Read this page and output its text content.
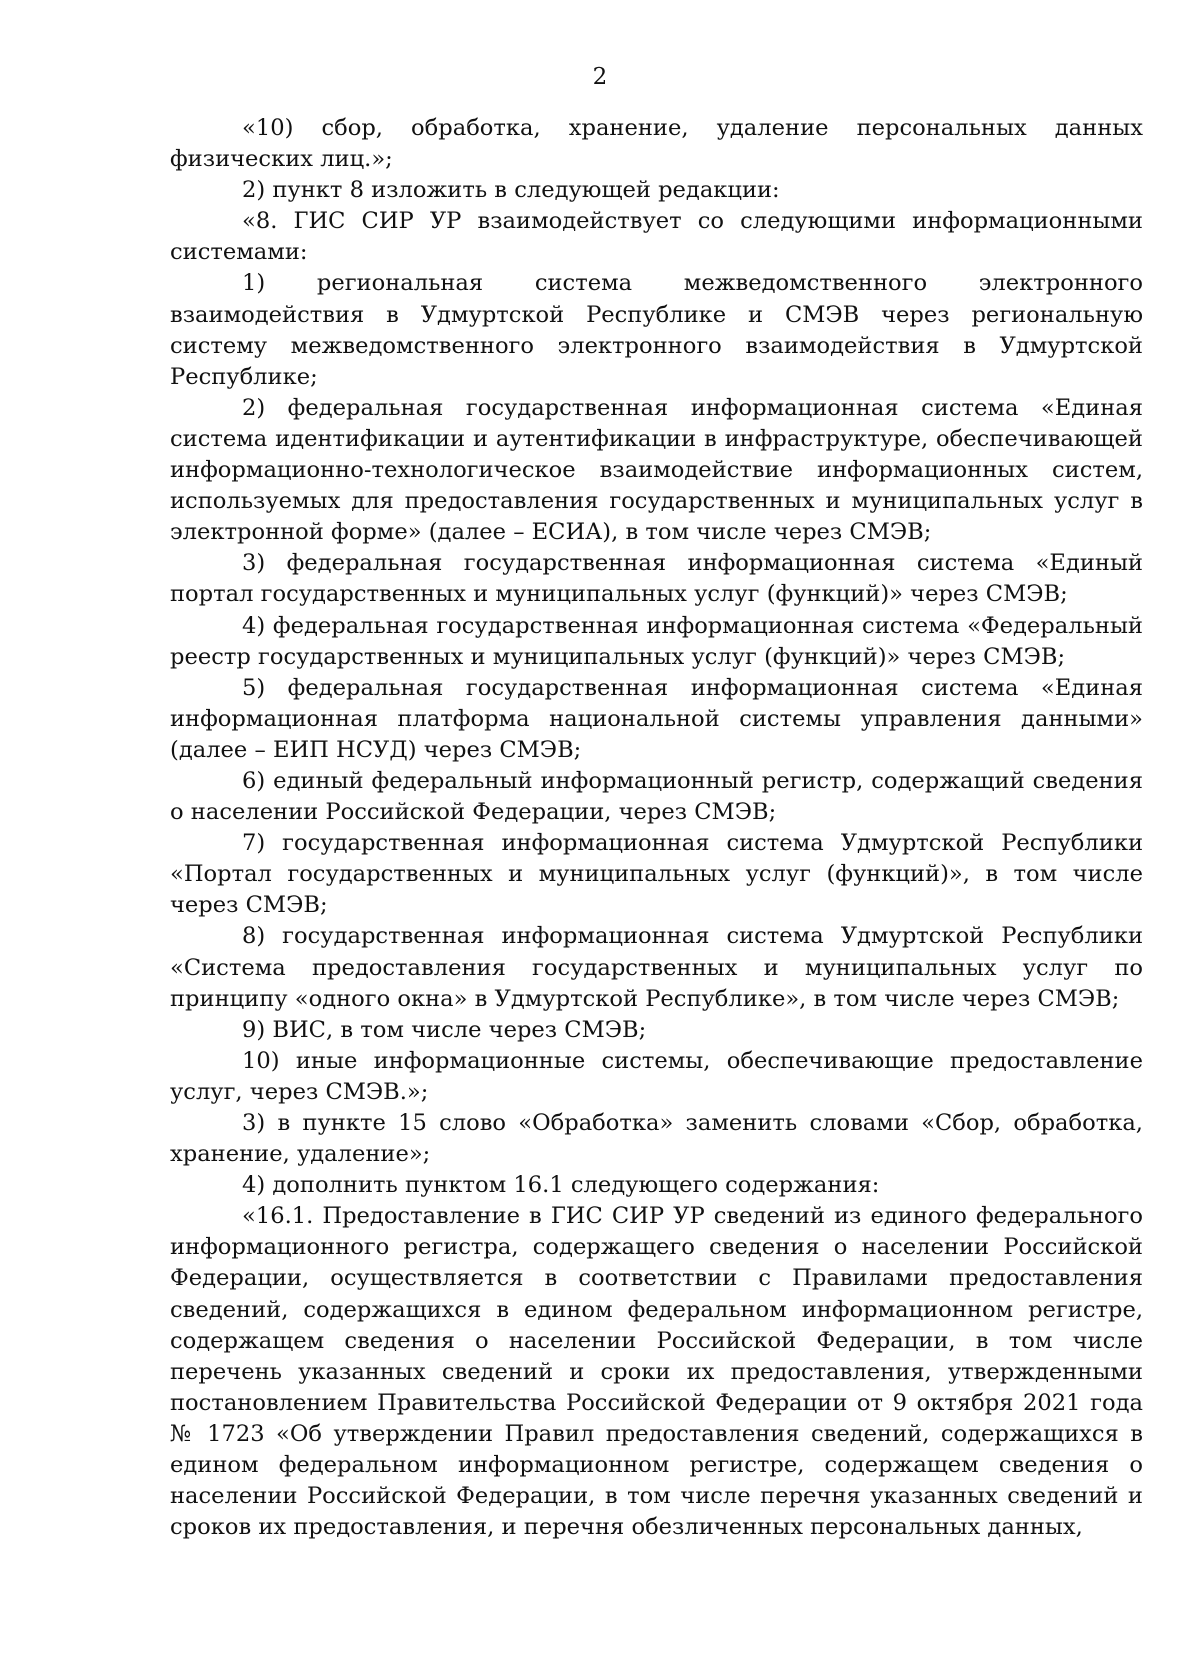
2

«10) сбор, обработка, хранение, удаление персональных данных физических лиц.»;

2) пункт 8 изложить в следующей редакции:

«8. ГИС СИР УР взаимодействует со следующими информационными системами:

1) региональная система межведомственного электронного взаимодействия в Удмуртской Республике и СМЭВ через региональную систему межведомственного электронного взаимодействия в Удмуртской Республике;

2) федеральная государственная информационная система «Единая система идентификации и аутентификации в инфраструктуре, обеспечивающей информационно-технологическое взаимодействие информационных систем, используемых для предоставления государственных и муниципальных услуг в электронной форме» (далее – ЕСИА), в том числе через СМЭВ;

3) федеральная государственная информационная система «Единый портал государственных и муниципальных услуг (функций)» через СМЭВ;

4) федеральная государственная информационная система «Федеральный реестр государственных и муниципальных услуг (функций)» через СМЭВ;

5) федеральная государственная информационная система «Единая информационная платформа национальной системы управления данными» (далее – ЕИП НСУД) через СМЭВ;

6) единый федеральный информационный регистр, содержащий сведения о населении Российской Федерации, через СМЭВ;

7) государственная информационная система Удмуртской Республики «Портал государственных и муниципальных услуг (функций)», в том числе через СМЭВ;

8) государственная информационная система Удмуртской Республики «Система предоставления государственных и муниципальных услуг по принципу «одного окна» в Удмуртской Республике», в том числе через СМЭВ;

9) ВИС, в том числе через СМЭВ;

10) иные информационные системы, обеспечивающие предоставление услуг, через СМЭВ.»;

3) в пункте 15 слово «Обработка» заменить словами «Сбор, обработка, хранение, удаление»;

4) дополнить пунктом 16.1 следующего содержания:

«16.1. Предоставление в ГИС СИР УР сведений из единого федерального информационного регистра, содержащего сведения о населении Российской Федерации, осуществляется в соответствии с Правилами предоставления сведений, содержащихся в едином федеральном информационном регистре, содержащем сведения о населении Российской Федерации, в том числе перечень указанных сведений и сроки их предоставления, утвержденными постановлением Правительства Российской Федерации от 9 октября 2021 года № 1723 «Об утверждении Правил предоставления сведений, содержащихся в едином федеральном информационном регистре, содержащем сведения о населении Российской Федерации, в том числе перечня указанных сведений и сроков их предоставления, и перечня обезличенных персональных данных,
